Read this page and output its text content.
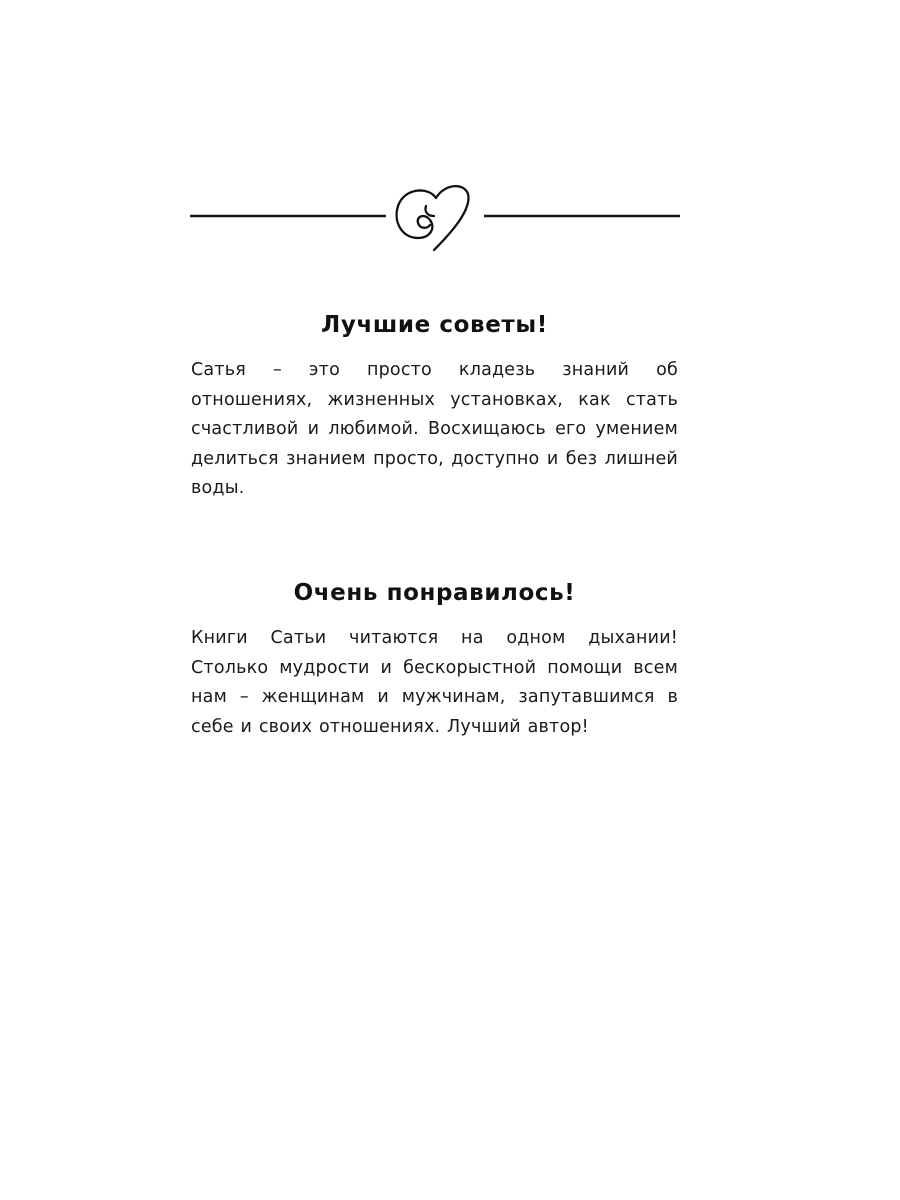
Лучшие советы!

Сатья – это просто кладезь знаний об отношениях, жизненных установках, как стать счастливой и любимой. Восхищаюсь его умением делиться знанием просто, доступно и без лишней воды.

Очень понравилось!

Книги Сатьи читаются на одном дыхании! Столько мудрости и бескорыстной помощи всем нам – женщинам и мужчинам, запутавшимся в себе и своих отношениях. Лучший автор!
